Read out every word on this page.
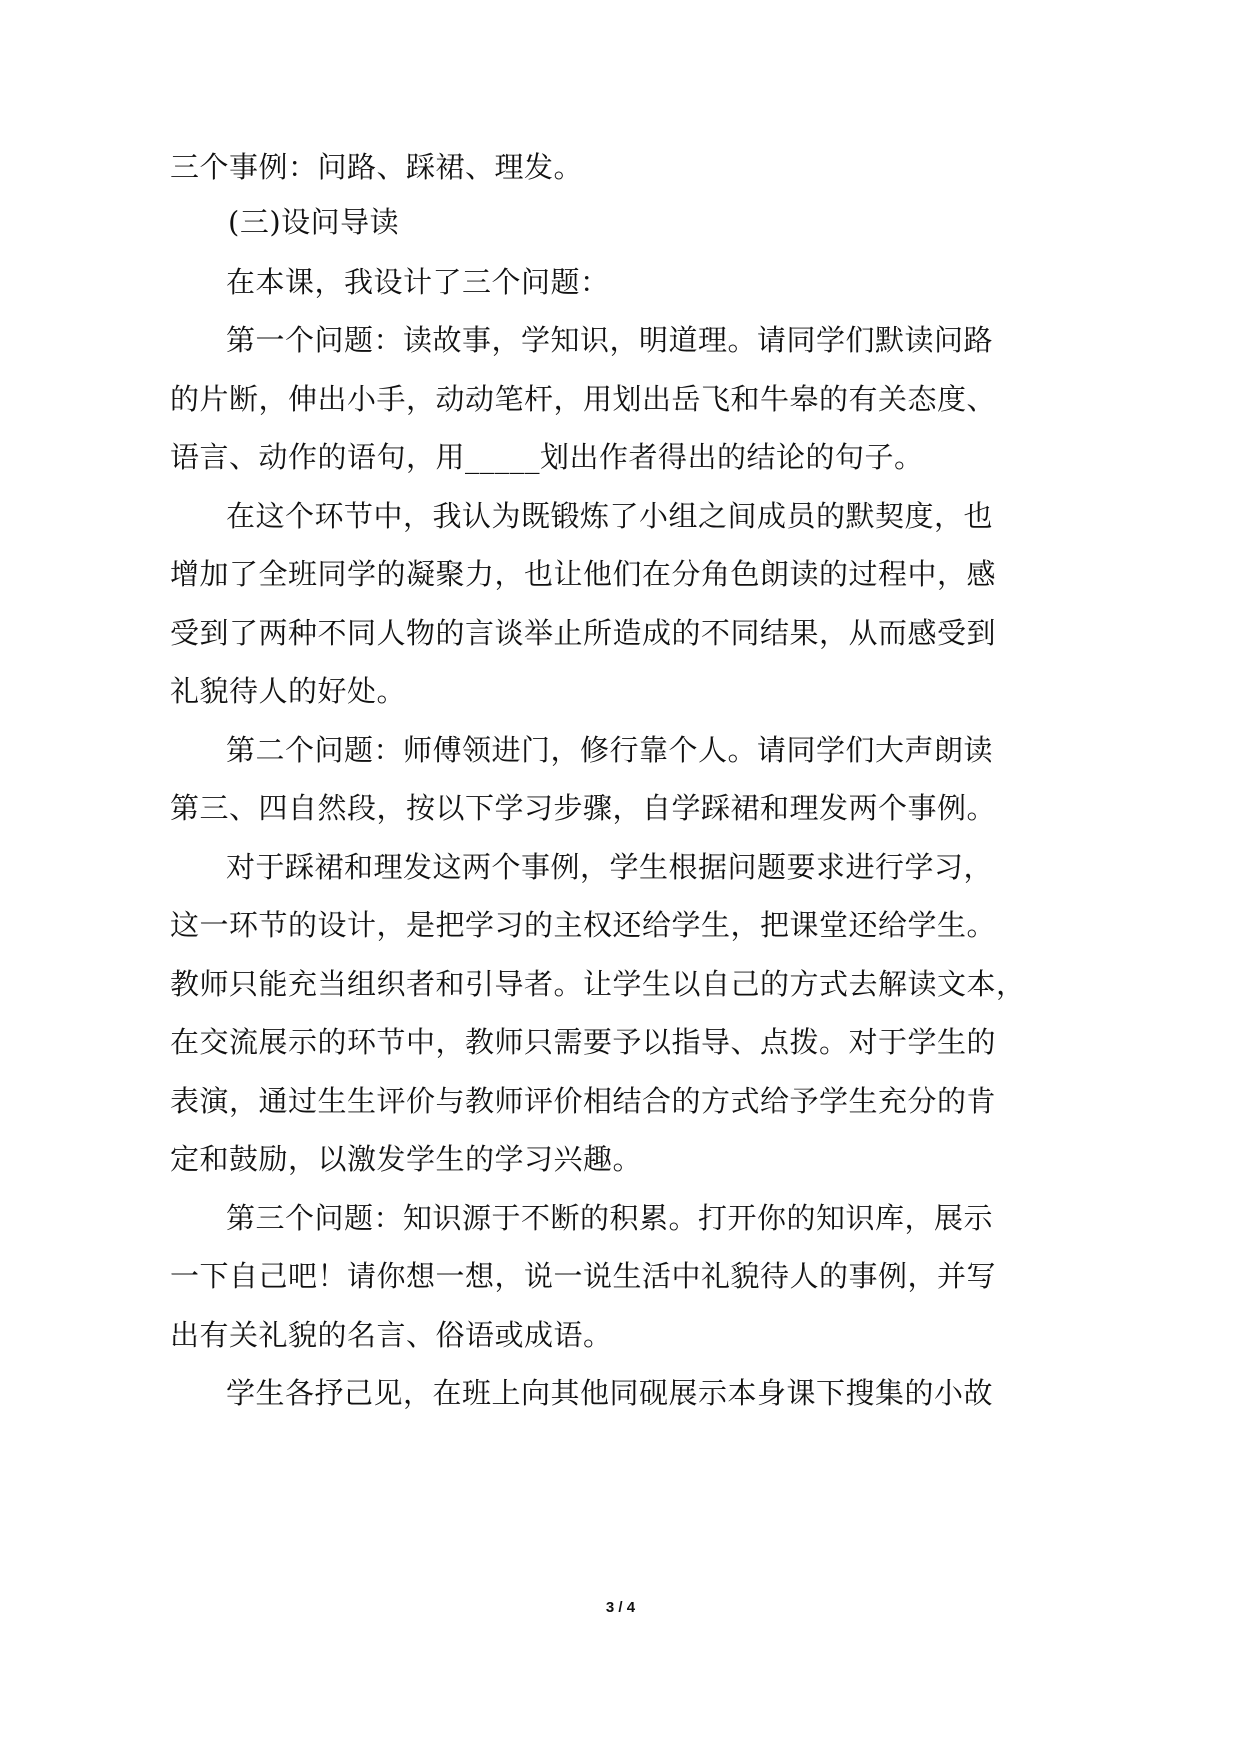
三个事例：问路、踩裙、理发。
(三)设问导读
在本课，我设计了三个问题：
第一个问题：读故事，学知识，明道理。请同学们默读问路
的片断，伸出小手，动动笔杆，用划出岳飞和牛皋的有关态度、
语言、动作的语句，用_____划出作者得出的结论的句子。
在这个环节中，我认为既锻炼了小组之间成员的默契度，也
增加了全班同学的凝聚力，也让他们在分角色朗读的过程中，感
受到了两种不同人物的言谈举止所造成的不同结果，从而感受到
礼貌待人的好处。
第二个问题：师傅领进门，修行靠个人。请同学们大声朗读
第三、四自然段，按以下学习步骤，自学踩裙和理发两个事例。
对于踩裙和理发这两个事例，学生根据问题要求进行学习，
这一环节的设计，是把学习的主权还给学生，把课堂还给学生。
教师只能充当组织者和引导者。让学生以自己的方式去解读文本，
在交流展示的环节中，教师只需要予以指导、点拨。对于学生的
表演，通过生生评价与教师评价相结合的方式给予学生充分的肯
定和鼓励，以激发学生的学习兴趣。
第三个问题：知识源于不断的积累。打开你的知识库，展示
一下自己吧！请你想一想，说一说生活中礼貌待人的事例，并写
出有关礼貌的名言、俗语或成语。
学生各抒己见，在班上向其他同砚展示本身课下搜集的小故
3 / 4
